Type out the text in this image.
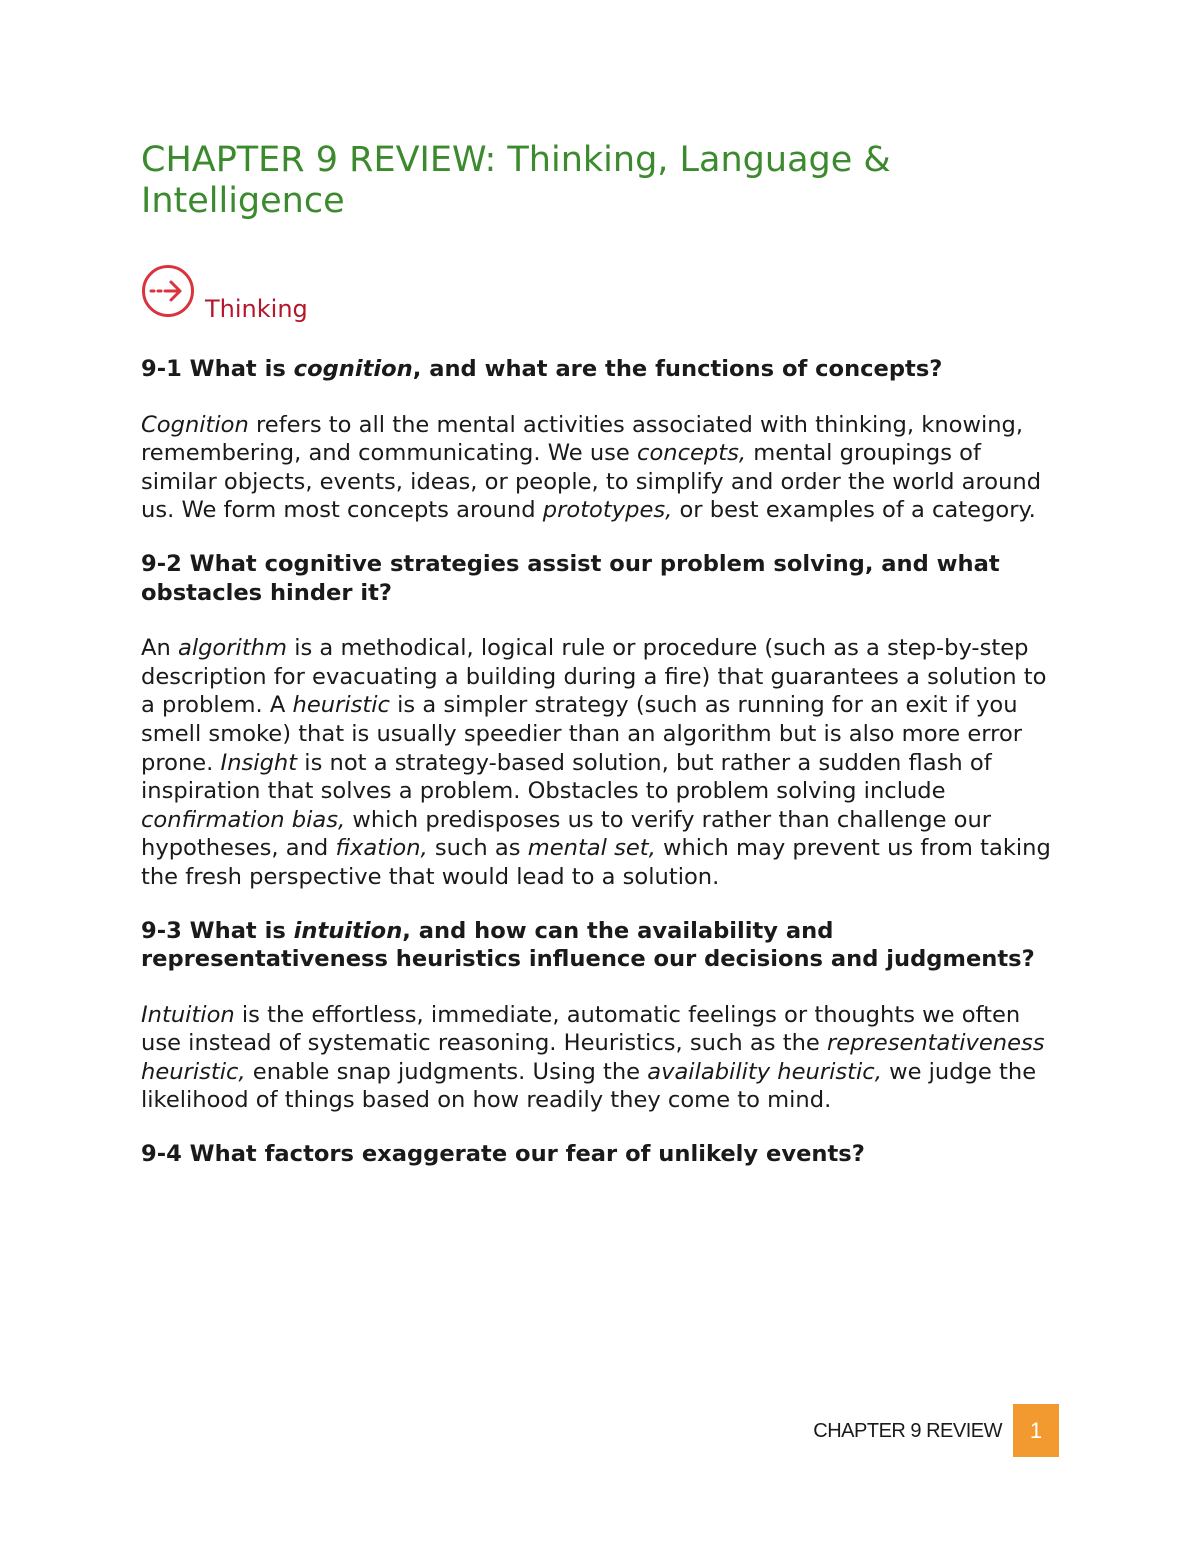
CHAPTER 9 REVIEW: Thinking, Language & Intelligence
Thinking

9-1 What is cognition, and what are the functions of concepts?

Cognition refers to all the mental activities associated with thinking, knowing, remembering, and communicating. We use concepts, mental groupings of similar objects, events, ideas, or people, to simplify and order the world around us. We form most concepts around prototypes, or best examples of a category.

9-2 What cognitive strategies assist our problem solving, and what obstacles hinder it?

An algorithm is a methodical, logical rule or procedure (such as a step-by-step description for evacuating a building during a fire) that guarantees a solution to a problem. A heuristic is a simpler strategy (such as running for an exit if you smell smoke) that is usually speedier than an algorithm but is also more error prone. Insight is not a strategy-based solution, but rather a sudden flash of inspiration that solves a problem. Obstacles to problem solving include confirmation bias, which predisposes us to verify rather than challenge our hypotheses, and fixation, such as mental set, which may prevent us from taking the fresh perspective that would lead to a solution.

9-3 What is intuition, and how can the availability and representativeness heuristics influence our decisions and judgments?

Intuition is the effortless, immediate, automatic feelings or thoughts we often use instead of systematic reasoning. Heuristics, such as the representativeness heuristic, enable snap judgments. Using the availability heuristic, we judge the likelihood of things based on how readily they come to mind.

9-4 What factors exaggerate our fear of unlikely events?

CHAPTER 9 REVIEW	1
